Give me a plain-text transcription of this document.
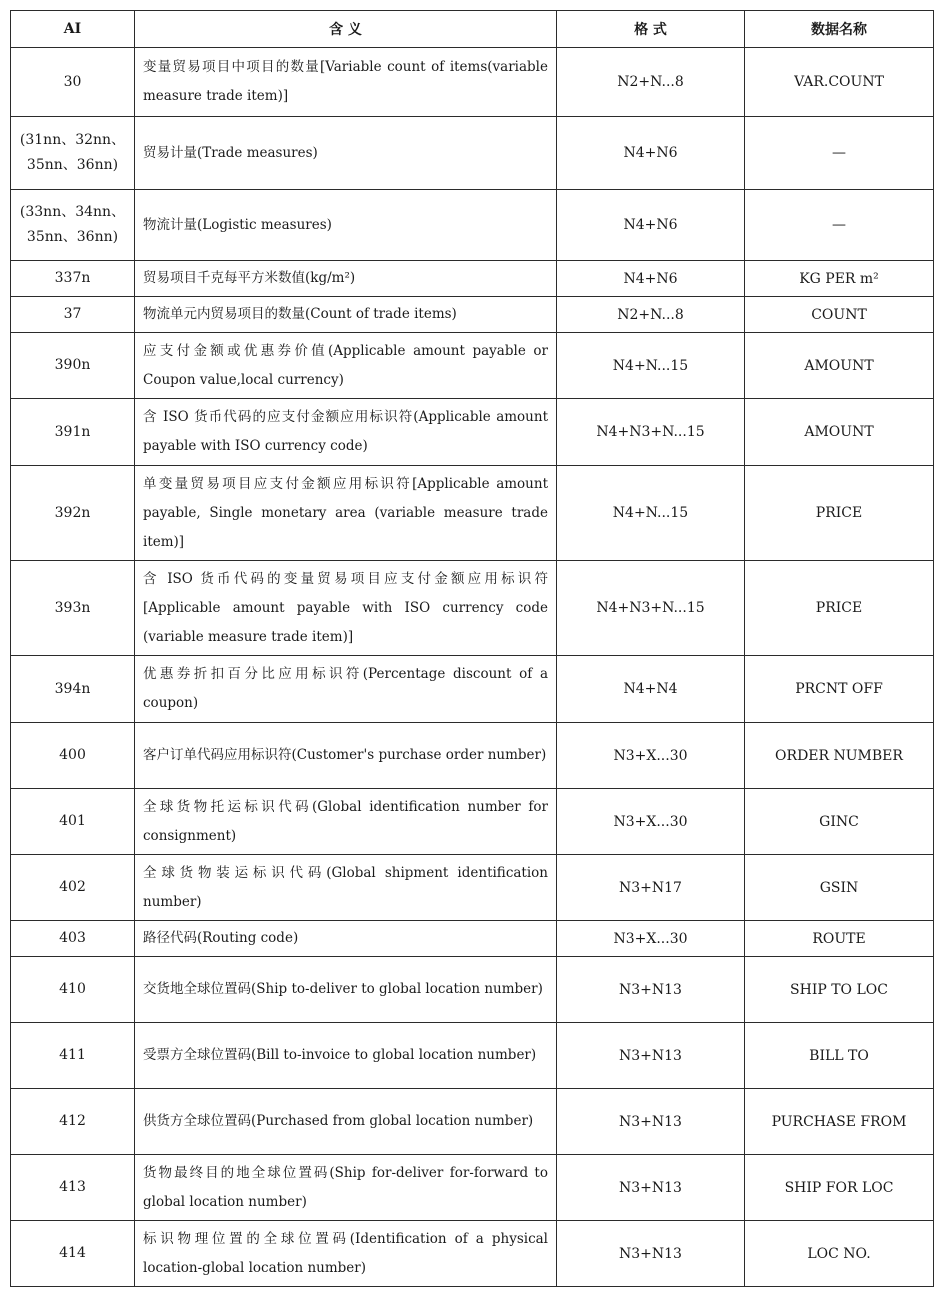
AI	含 义	格 式	数据名称
30	变量贸易项目中项目的数量[Variable count of items(variable measure trade item)]	N2+N...8	VAR.COUNT
(31nn、32nn、35nn、36nn)	贸易计量(Trade measures)	N4+N6	—
(33nn、34nn、35nn、36nn)	物流计量(Logistic measures)	N4+N6	—
337n	贸易项目千克每平方米数值(kg/m²)	N4+N6	KG PER m²
37	物流单元内贸易项目的数量(Count of trade items)	N2+N...8	COUNT
390n	应支付金额或优惠券价值(Applicable amount payable or Coupon value,local currency)	N4+N...15	AMOUNT
391n	含 ISO 货币代码的应支付金额应用标识符(Applicable amount payable with ISO currency code)	N4+N3+N...15	AMOUNT
392n	单变量贸易项目应支付金额应用标识符[Applicable amount payable, Single monetary area (variable measure trade item)]	N4+N...15	PRICE
393n	含 ISO 货币代码的变量贸易项目应支付金额应用标识符[Applicable amount payable with ISO currency code (variable measure trade item)]	N4+N3+N...15	PRICE
394n	优惠券折扣百分比应用标识符(Percentage discount of a coupon)	N4+N4	PRCNT OFF
400	客户订单代码应用标识符(Customer's purchase order number)	N3+X...30	ORDER NUMBER
401	全球货物托运标识代码(Global identification number for consignment)	N3+X...30	GINC
402	全球货物装运标识代码(Global shipment identification number)	N3+N17	GSIN
403	路径代码(Routing code)	N3+X...30	ROUTE
410	交货地全球位置码(Ship to-deliver to global location number)	N3+N13	SHIP TO LOC
411	受票方全球位置码(Bill to-invoice to global location number)	N3+N13	BILL TO
412	供货方全球位置码(Purchased from global location number)	N3+N13	PURCHASE FROM
413	货物最终目的地全球位置码(Ship for-deliver for-forward to global location number)	N3+N13	SHIP FOR LOC
414	标识物理位置的全球位置码(Identification of a physical location-global location number)	N3+N13	LOC NO.
